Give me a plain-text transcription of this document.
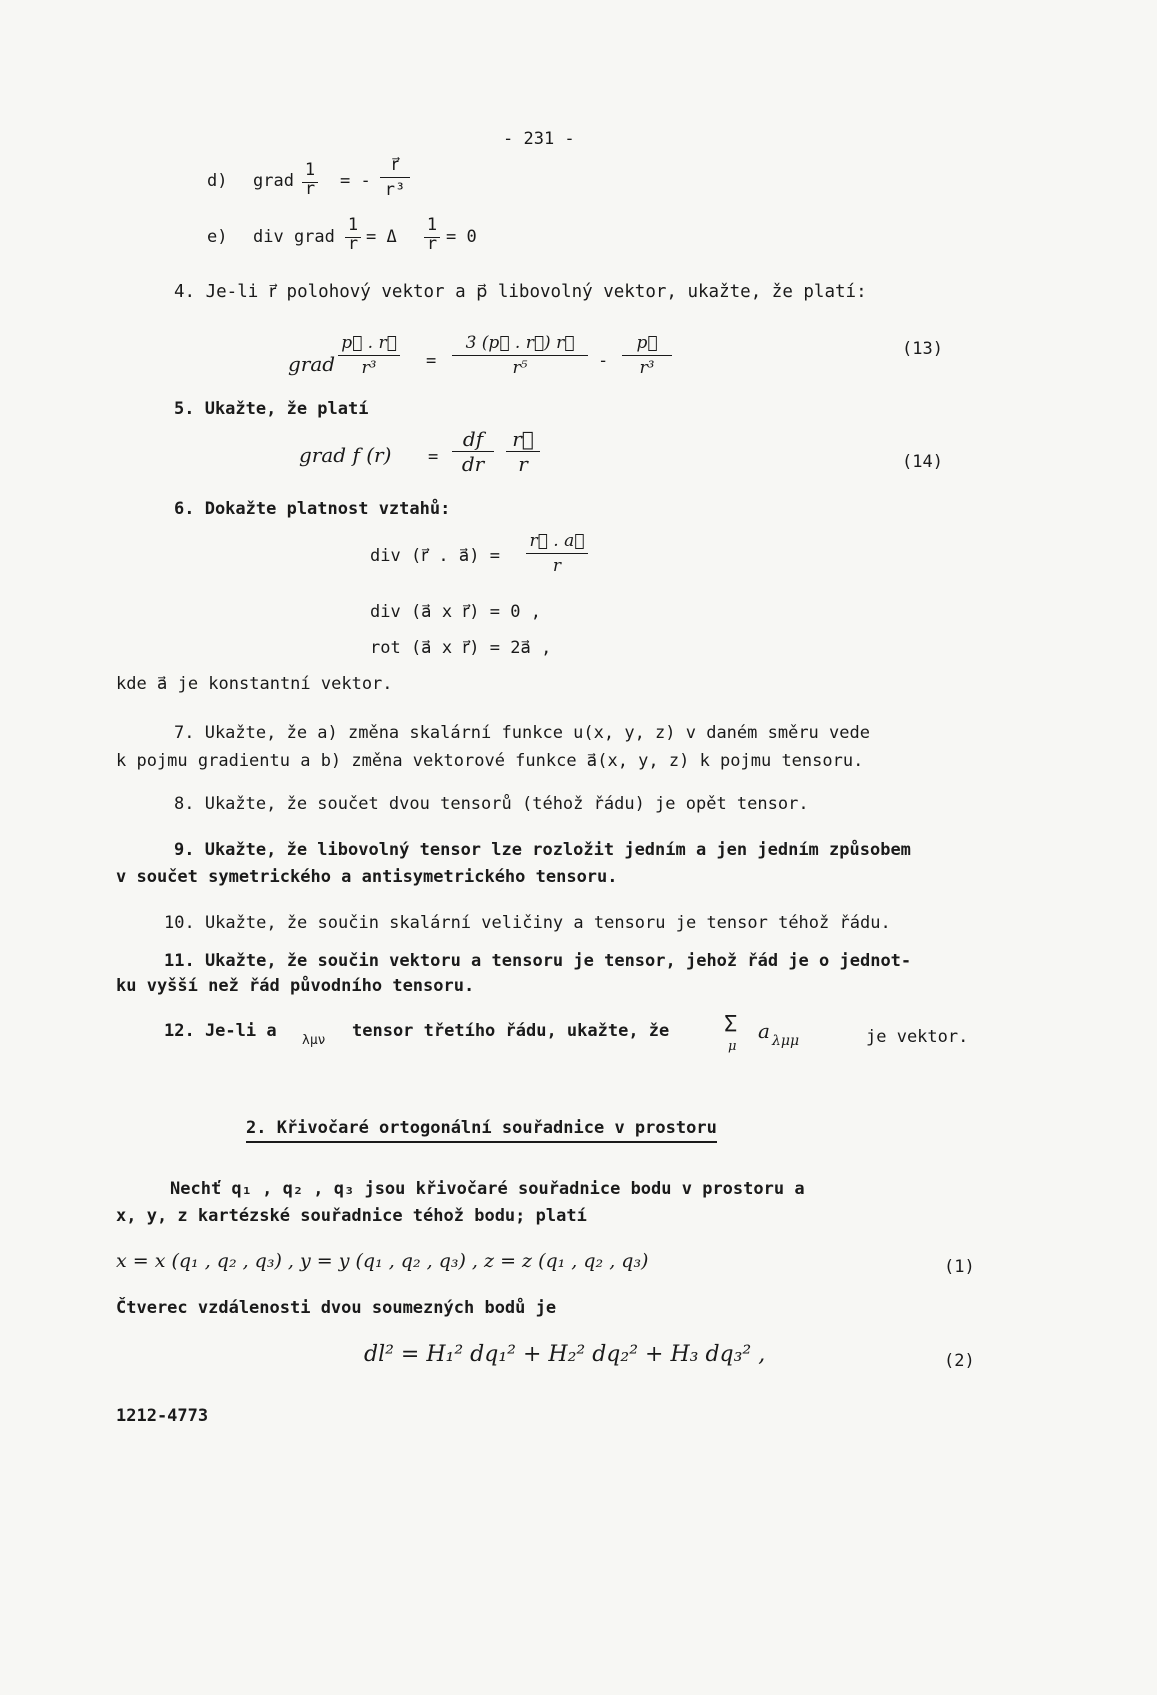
- 231 -
d) grad
1
r = -
r⃗
r³
e) div grad
1
r = Δ
1
r = 0
4. Je-li r⃗ polohový vektor a p⃗ libovolný vektor, ukažte, že platí:
grad
p⃗ . r⃗
r³	=
3 (p⃗ . r⃗) r⃗
r⁵	-
p⃗
r³
(13)
5. Ukažte, že platí
grad f (r) =
df
dr
r⃗
r	(14)
6. Dokažte platnost vztahů:
div (r⃗ . a⃗) =
r⃗ . a⃗
r
div (a⃗ x r⃗) = 0 ,
rot (a⃗ x r⃗) = 2a⃗ ,
kde a⃗ je konstantní vektor.
7. Ukažte, že a) změna skalární funkce u(x, y, z) v daném směru vede
k pojmu gradientu a b) změna vektorové funkce a⃗(x, y, z) k pojmu tensoru.
8. Ukažte, že součet dvou tensorů (téhož řádu) je opět tensor.
9. Ukažte, že libovolný tensor lze rozložit jedním a jen jedním způsobem
v součet symetrického a antisymetrického tensoru.
10. Ukažte, že součin skalární veličiny a tensoru je tensor téhož řádu.
11. Ukažte, že součin vektoru a tensoru je tensor, jehož řád je o jednot-
ku vyšší než řád původního tensoru.
12. Je-li a λμν tensor třetího řádu, ukažte, že Σ
μ
a λμμ	je vektor.
2. Křivočaré ortogonální souřadnice v prostoru
Nechť q₁ , q₂ , q₃ jsou křivočaré souřadnice bodu v prostoru a
x, y, z kartézské souřadnice téhož bodu; platí
x = x (q₁ , q₂ , q₃) , y = y (q₁ , q₂ , q₃) , z = z (q₁ , q₂ , q₃)	(1)
Čtverec vzdálenosti dvou soumezných bodů je
dl² = H₁² dq₁² + H₂² dq₂² + H₃ dq₃² ,	(2)
1212-4773
